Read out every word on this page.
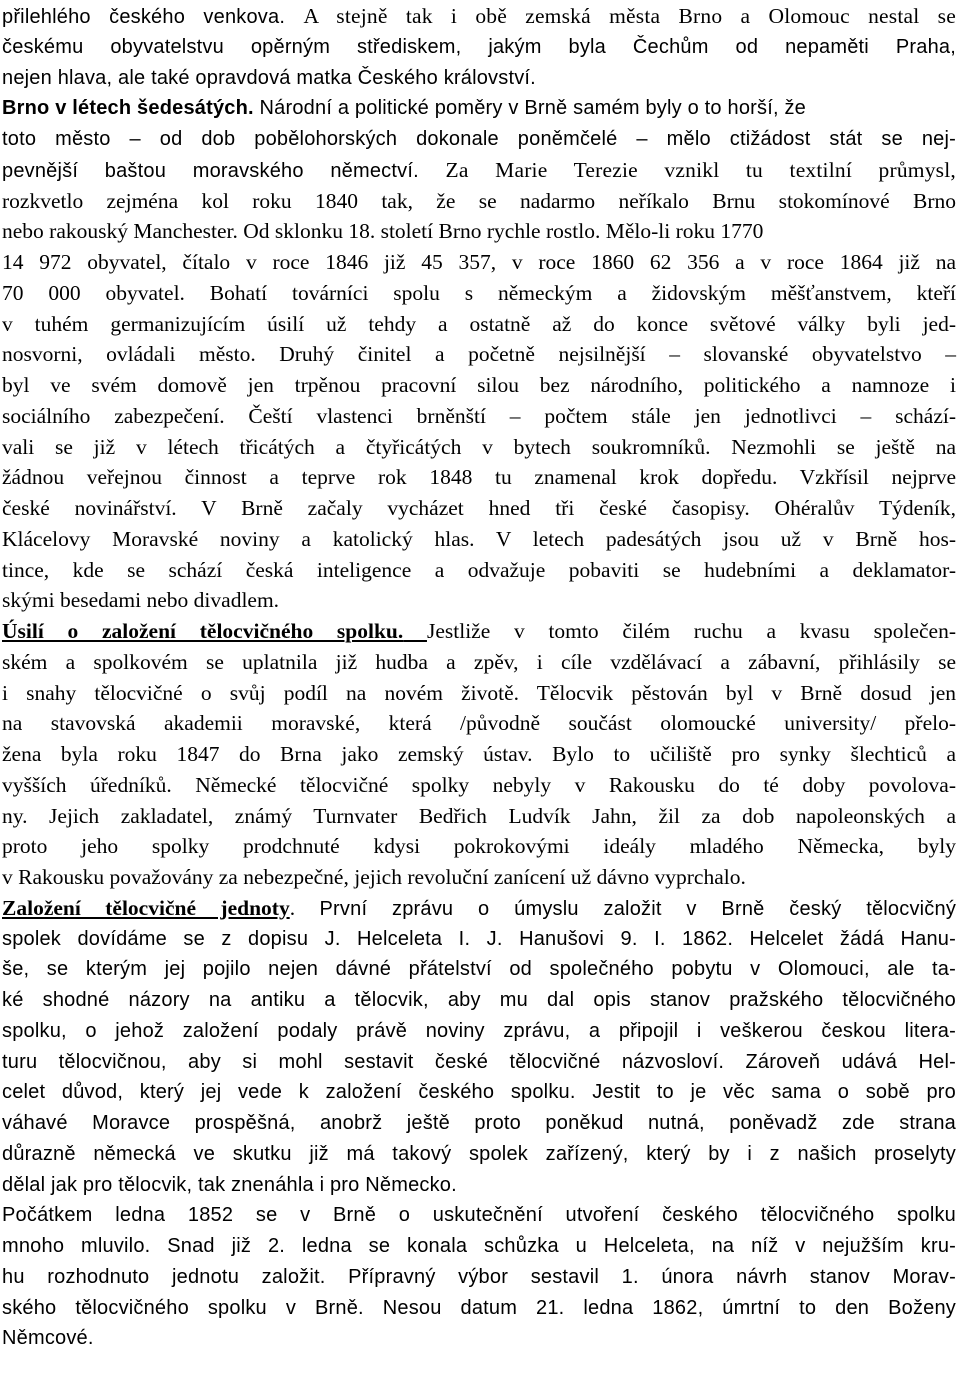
přilehlého českého venkova. A stejně tak i obě zemská města Brno a Olomouc nestal se
českému obyvatelstvu opěrným střediskem, jakým byla Čechům od nepaměti Praha,
nejen hlava, ale také opravdová matka Českého království.
Brno v létech šedesátých. Národní a politické poměry v Brně samém byly o to horší, že
toto město – od dob pobělohorských dokonale poněmčelé – mělo ctižádost stát se nej-
pevnější baštou moravského němectví. Za Marie Terezie vznikl tu textilní průmysl,
rozkvetlo zejména kol roku 1840 tak, že se nadarmo neříkalo Brnu stokomínové Brno
nebo rakouský Manchester. Od sklonku 18. století Brno rychle rostlo. Mělo-li roku 1770
14 972 obyvatel, čítalo v roce 1846 již 45 357, v roce 1860 62 356 a v roce 1864 již na
70 000 obyvatel. Bohatí továrníci spolu s německým a židovským měšťanstvem, kteří
v tuhém germanizujícím úsilí už tehdy a ostatně až do konce světové války byli jed-
nosvorni, ovládali město. Druhý činitel a početně nejsilnější – slovanské obyvatelstvo –
byl ve svém domově jen trpěnou pracovní silou bez národního, politického a namnoze i
sociálního zabezpečení. Čeští vlastenci brněnští – počtem stále jen jednotlivci – schází-
vali se již v létech třicátých a čtyřicátých v bytech soukromníků. Nezmohli se ještě na
žádnou veřejnou činnost a teprve rok 1848 tu znamenal krok dopředu. Vzkřísil nejprve
české novinářství. V Brně začaly vycházet hned tři české časopisy. Ohéralův Týdeník,
Klácelovy Moravské noviny a katolický hlas. V letech padesátých jsou už v Brně hos-
tince, kde se schází česká inteligence a odvažuje pobaviti se hudebními a deklamator-
skými besedami nebo divadlem.
Úsilí o založení tělocvičného spolku. Jestliže v tomto čilém ruchu a kvasu společen-
ském a spolkovém se uplatnila již hudba a zpěv, i cíle vzdělávací a zábavní, přihlásily se
i snahy tělocvičné o svůj podíl na novém životě. Tělocvik pěstován byl v Brně dosud jen
na stavovská akademii moravské, která /původně součást olomoucké university/ přelo-
žena byla roku 1847 do Brna jako zemský ústav. Bylo to učiliště pro synky šlechticů a
vyšších úředníků. Německé tělocvičné spolky nebyly v Rakousku do té doby povolova-
ny. Jejich zakladatel, známý Turnvater Bedřich Ludvík Jahn, žil za dob napoleonských a
proto jeho spolky prodchnuté kdysi pokrokovými ideály mladého Německa, byly
v Rakousku považovány za nebezpečné, jejich revoluční zanícení už dávno vyprchalo.
Založení tělocvičné jednoty. První zprávu o úmyslu založit v Brně český tělocvičný
spolek dovídáme se z dopisu J. Helceleta I. J. Hanušovi 9. I. 1862. Helcelet žádá Hanu-
še, se kterým jej pojilo nejen dávné přátelství od společného pobytu v Olomouci, ale ta-
ké shodné názory na antiku a tělocvik, aby mu dal opis stanov pražského tělocvičného
spolku, o jehož založení podaly právě noviny zprávu, a připojil i veškerou českou litera-
turu tělocvičnou, aby si mohl sestavit české tělocvičné názvosloví. Zároveň udává Hel-
celet důvod, který jej vede k založení českého spolku. Jestit to je věc sama o sobě pro
váhavé Moravce prospěšná, anobrž ještě proto poněkud nutná, poněvadž zde strana
důrazně německá ve skutku již má takový spolek zařízený, který by i z našich proselyty
dělal jak pro tělocvik, tak znenáhla i pro Německo.
Počátkem ledna 1852 se v Brně o uskutečnění utvoření českého tělocvičného spolku
mnoho mluvilo. Snad již 2. ledna se konala schůzka u Helceleta, na níž v nejužším kru-
hu rozhodnuto jednotu založit. Přípravný výbor sestavil 1. února návrh stanov Morav-
ského tělocvičného spolku v Brně. Nesou datum 21. ledna 1862, úmrtní to den Boženy
Němcové.
